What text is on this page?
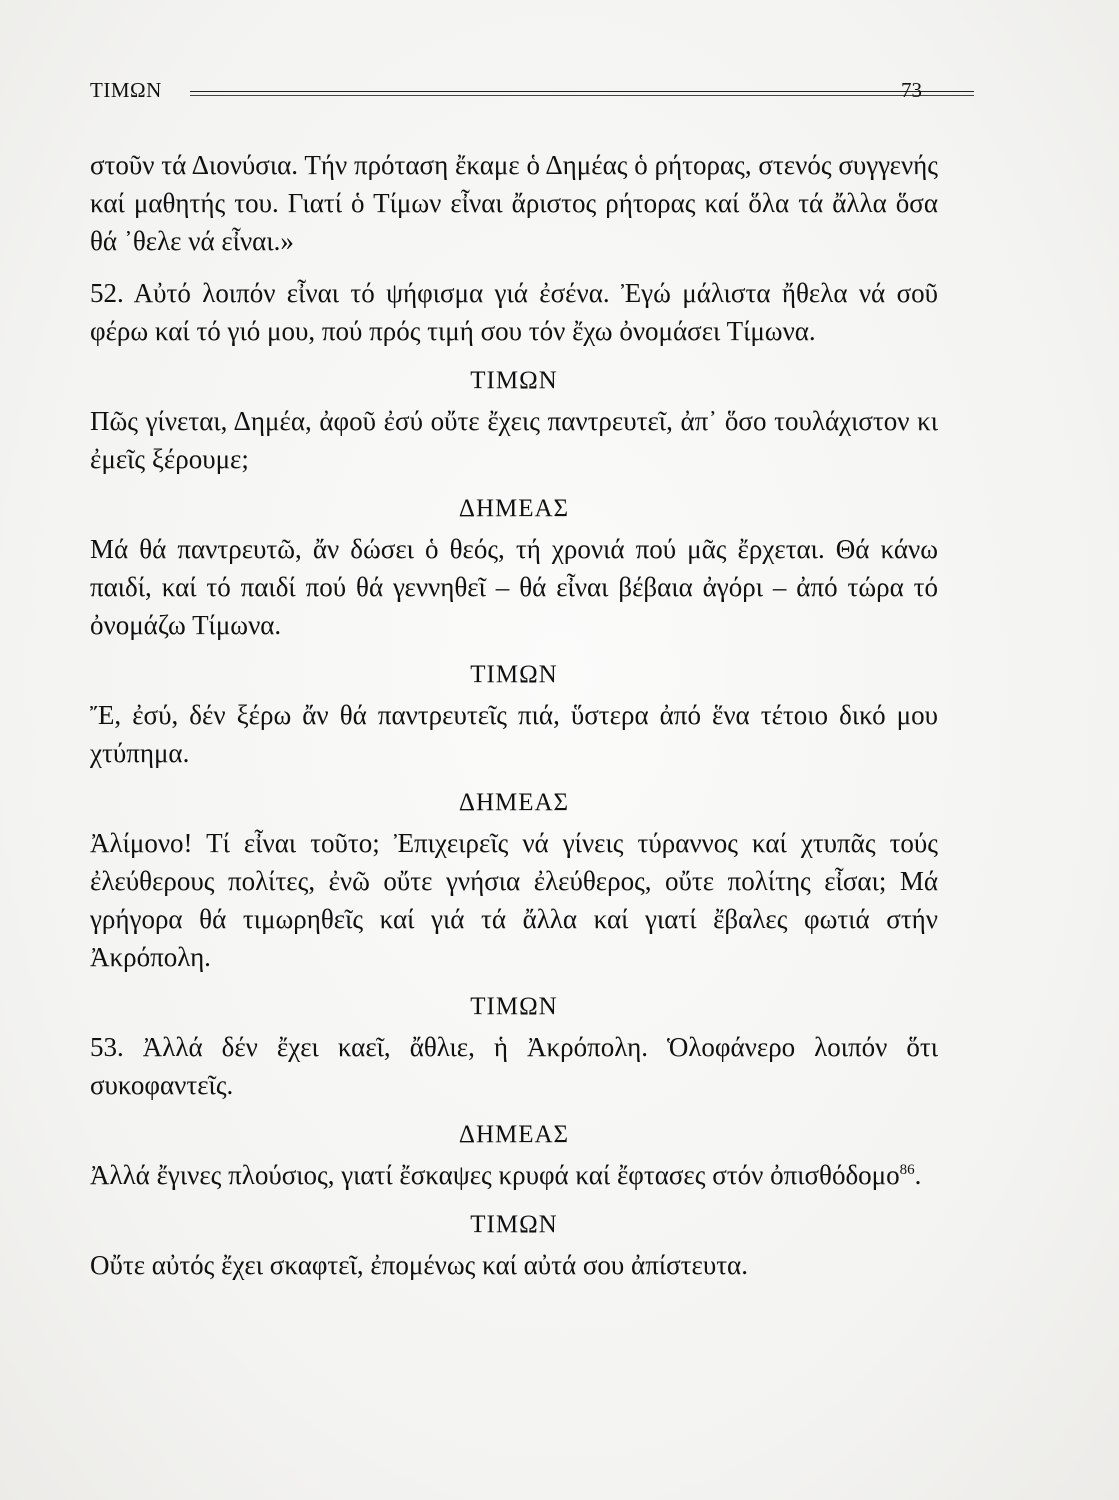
ΤΙΜΩΝ	73

στοῦν τά Διονύσια. Τήν πρόταση ἔκαμε ὁ Δημέας ὁ ρήτορας, στενός συγγενής καί μαθητής του. Γιατί ὁ Τίμων εἶναι ἄριστος ρήτορας καί ὅλα τά ἄλλα ὅσα θά ᾿θελε νά εἶναι.»

52. Αὐτό λοιπόν εἶναι τό ψήφισμα γιά ἐσένα. Ἐγώ μάλιστα ἤθελα νά σοῦ φέρω καί τό γιό μου, πού πρός τιμή σου τόν ἔχω ὀνομάσει Τίμωνα.

ΤΙΜΩΝ

Πῶς γίνεται, Δημέα, ἀφοῦ ἐσύ οὔτε ἔχεις παντρευτεῖ, ἀπ᾿ ὅσο τουλάχιστον κι ἐμεῖς ξέρουμε;

ΔΗΜΕΑΣ

Μά θά παντρευτῶ, ἄν δώσει ὁ θεός, τή χρονιά πού μᾶς ἔρχεται. Θά κάνω παιδί, καί τό παιδί πού θά γεννηθεῖ – θά εἶναι βέβαια ἀγόρι – ἀπό τώρα τό ὀνομάζω Τίμωνα.

ΤΙΜΩΝ

Ἔ, ἐσύ, δέν ξέρω ἄν θά παντρευτεῖς πιά, ὕστερα ἀπό ἕνα τέτοιο δικό μου χτύπημα.

ΔΗΜΕΑΣ

Ἀλίμονο! Τί εἶναι τοῦτο; Ἐπιχειρεῖς νά γίνεις τύραννος καί χτυπᾶς τούς ἐλεύθερους πολίτες, ἐνῶ οὔτε γνήσια ἐλεύθερος, οὔτε πολίτης εἶσαι; Μά γρήγορα θά τιμωρηθεῖς καί γιά τά ἄλλα καί γιατί ἔβαλες φωτιά στήν Ἀκρόπολη.

ΤΙΜΩΝ

53. Ἀλλά δέν ἔχει καεῖ, ἄθλιε, ἡ Ἀκρόπολη. Ὁλοφάνερο λοιπόν ὅτι συκοφαντεῖς.

ΔΗΜΕΑΣ

Ἀλλά ἔγινες πλούσιος, γιατί ἔσκαψες κρυφά καί ἔφτασες στόν ὀπισθόδομο$^{86}$.

ΤΙΜΩΝ

Οὔτε αὐτός ἔχει σκαφτεῖ, ἐπομένως καί αὐτά σου ἀπίστευτα.
